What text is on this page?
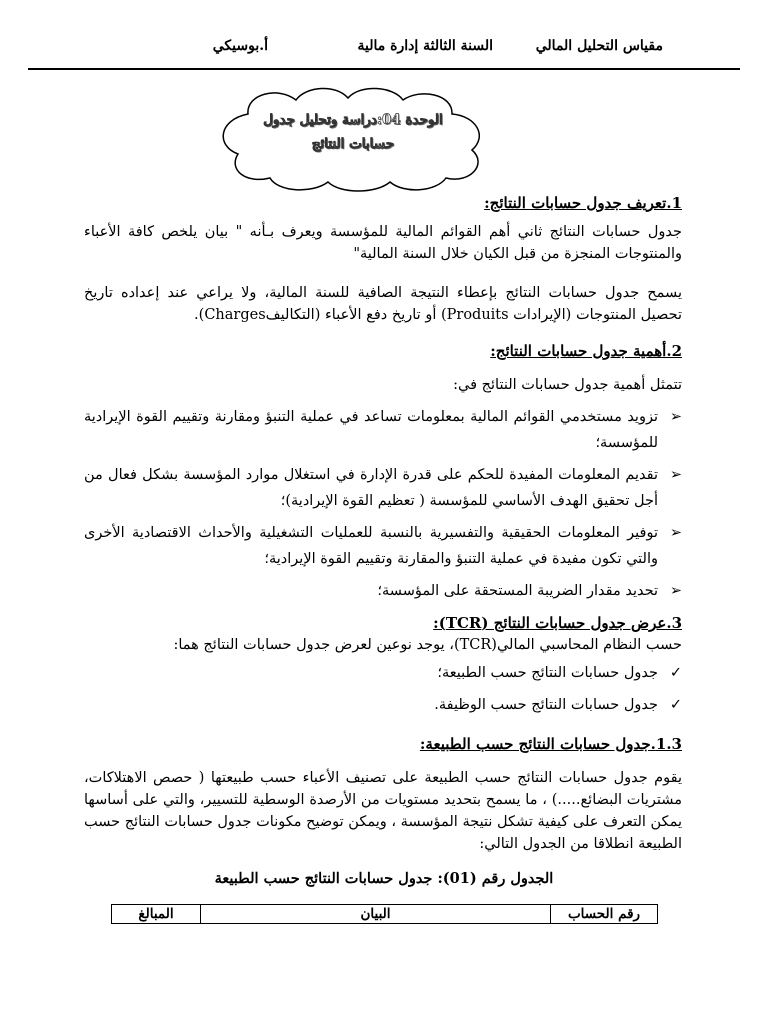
مقياس التحليل المالي
السنة الثالثة إدارة مالية
أ.بوسيكي
الوحدة 04:دراسة وتحليل جدول
حسابات النتائج
1.تعريف جدول حسابات النتائج:
جدول حسابات النتائج ثاني أهم القوائم المالية للمؤسسة ويعرف بـأنه " بيان يلخص كافة الأعباء والمنتوجات المنجزة من قبل الكيان خلال السنة المالية"
يسمح جدول حسابات النتائج بإعطاء النتيجة الصافية للسنة المالية، ولا يراعي عند إعداده تاريخ تحصيل المنتوجات (الإيرادات Produits) أو تاريخ دفع الأعباء (التكاليفCharges).
2.أهمية جدول حسابات النتائج:
تتمثل أهمية جدول حسابات النتائج في:
➢
تزويد مستخدمي القوائم المالية بمعلومات تساعد في عملية التنبؤ ومقارنة وتقييم القوة الإيرادية للمؤسسة؛
➢
تقديم المعلومات المفيدة للحكم على قدرة الإدارة في استغلال موارد المؤسسة بشكل فعال من أجل تحقيق الهدف الأساسي للمؤسسة ( تعظيم القوة الإيرادية)؛
➢
توفير المعلومات الحقيقية والتفسيرية بالنسبة للعمليات التشغيلية والأحداث الاقتصادية الأخرى والتي تكون مفيدة في عملية التنبؤ والمقارنة وتقييم القوة الإيرادية؛
➢
تحديد مقدار الضريبة المستحقة على المؤسسة؛
3.عرض جدول حسابات النتائج (TCR):
حسب النظام المحاسبي المالي(TCR)، يوجد نوعين لعرض جدول حسابات النتائج هما:
✓
جدول حسابات النتائج حسب الطبيعة؛
✓
جدول حسابات النتائج حسب الوظيفة.
1.3.جدول حسابات النتائج حسب الطبيعة:
يقوم جدول حسابات النتائج حسب الطبيعة على تصنيف الأعباء حسب طبيعتها ( حصص الاهتلاكات، مشتريات البضائع.....) ، ما يسمح بتحديد مستويات من الأرصدة الوسطية للتسيير، والتي على أساسها يمكن التعرف على كيفية تشكل نتيجة المؤسسة ، ويمكن توضيح مكونات جدول حسابات النتائج حسب الطبيعة انطلاقا من الجدول التالي:
الجدول رقم (01): جدول حسابات النتائج حسب الطبيعة
رقم الحساب	البيان	المبالغ
